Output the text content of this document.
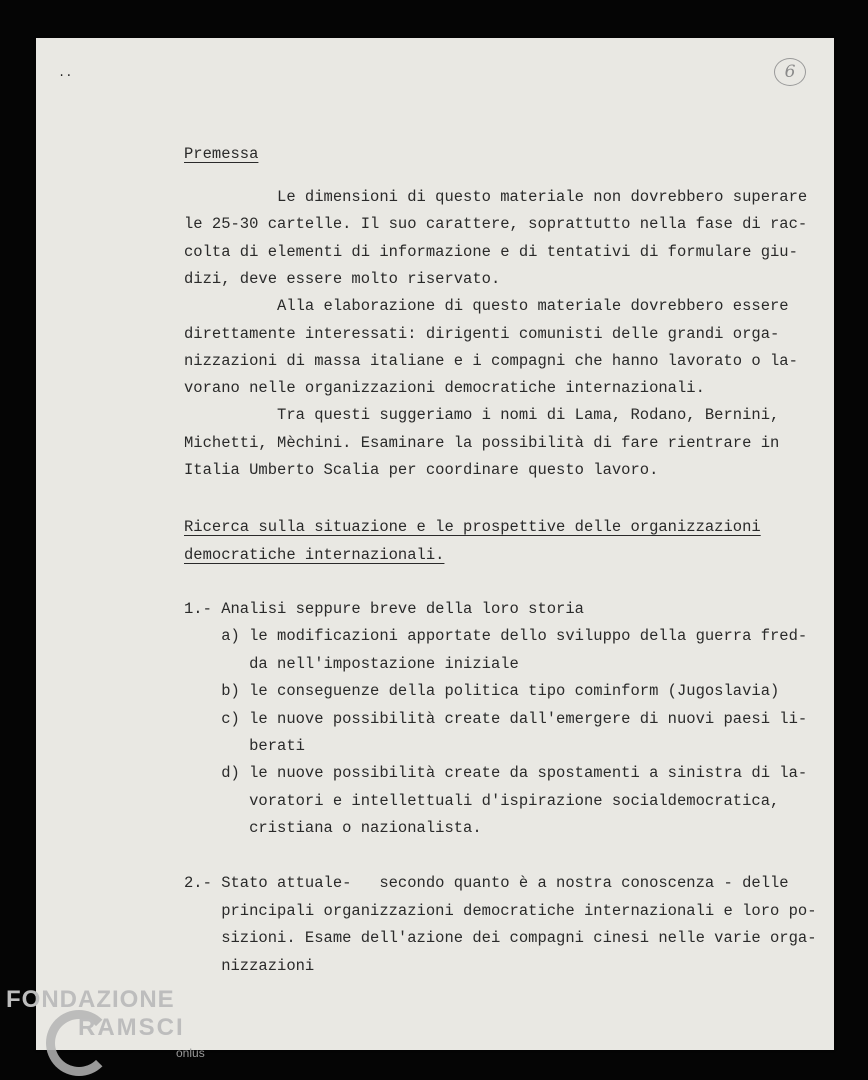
..	6

Premessa

Le dimensioni di questo materiale non dovrebbero superare
le 25-30 cartelle. Il suo carattere, soprattutto nella fase di rac-
colta di elementi di informazione e di tentativi di formulare giu-
dizi, deve essere molto riservato.
Alla elaborazione di questo materiale dovrebbero essere
direttamente interessati: dirigenti comunisti delle grandi orga-
nizzazioni di massa italiane e i compagni che hanno lavorato o la-
vorano nelle organizzazioni democratiche internazionali.
Tra questi suggeriamo i nomi di Lama, Rodano, Bernini,
Michetti, Mèchini. Esaminare la possibilità di fare rientrare in
Italia Umberto Scalia per coordinare questo lavoro.
Ricerca sulla situazione e le prospettive delle organizzazioni
democratiche internazionali.
1.- Analisi seppure breve della loro storia
a) le modificazioni apportate dello sviluppo della guerra fred-
da nell'impostazione iniziale
b) le conseguenze della politica tipo cominform (Jugoslavia)
c) le nuove possibilità create dall'emergere di nuovi paesi li-
berati
d) le nuove possibilità create da spostamenti a sinistra di la-
voratori e intellettuali d'ispirazione socialdemocratica,
cristiana o nazionalista.
2.- Stato attuale-   secondo quanto è a nostra conoscenza - delle
principali organizzazioni democratiche internazionali e loro po-
sizioni. Esame dell'azione dei compagni cinesi nelle varie orga-
nizzazioni
FONDAZIONE
RAMSCI
onlus
